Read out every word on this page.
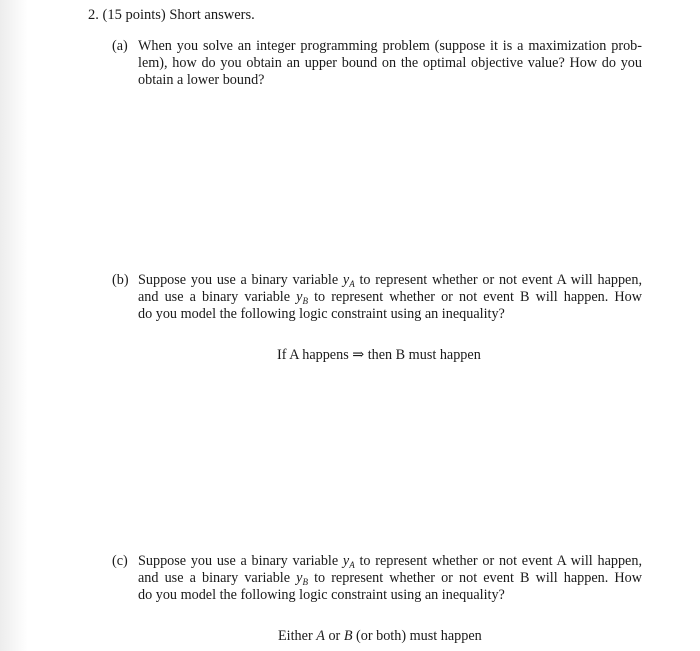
2. (15 points) Short answers.
(a) When you solve an integer programming problem (suppose it is a maximization prob-
lem), how do you obtain an upper bound on the optimal objective value? How do you
obtain a lower bound?
(b) Suppose you use a binary variable $y_A$ to represent whether or not event A will happen,
and use a binary variable $y_B$ to represent whether or not event B will happen. How
do you model the following logic constraint using an inequality?
If A happens ⇒ then B must happen
(c) Suppose you use a binary variable $y_A$ to represent whether or not event A will happen,
and use a binary variable $y_B$ to represent whether or not event B will happen. How
do you model the following logic constraint using an inequality?
Either A or B (or both) must happen
